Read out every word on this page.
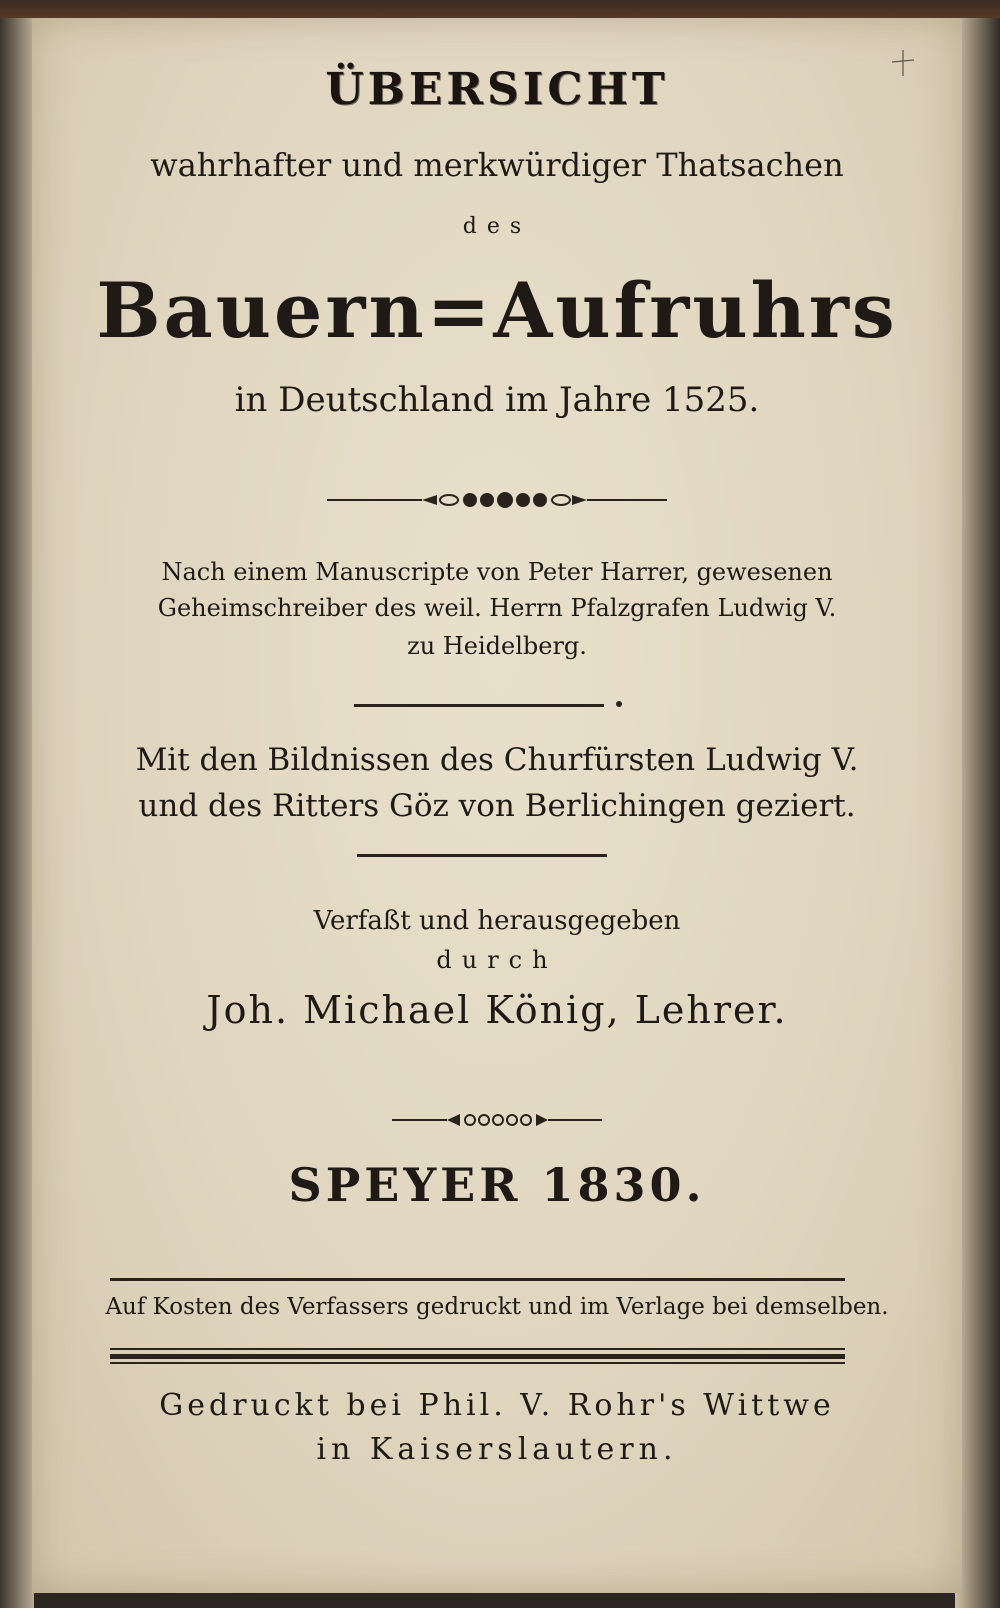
ÜBERSICHT
wahrhafter und merkwürdiger Thatsachen
des
Bauern=Aufruhrs
in Deutschland im Jahre 1525.
Nach einem Manuscripte von Peter Harrer, gewesenen
Geheimschreiber des weil. Herrn Pfalzgrafen Ludwig V.
zu Heidelberg.
Mit den Bildnissen des Churfürsten Ludwig V.
und des Ritters Göz von Berlichingen geziert.
Verfaßt und herausgegeben
durch
Joh. Michael König, Lehrer.
SPEYER 1830.
Auf Kosten des Verfassers gedruckt und im Verlage bei demselben.
Gedruckt bei Phil. V. Rohr's Wittwe
in Kaiserslautern.
